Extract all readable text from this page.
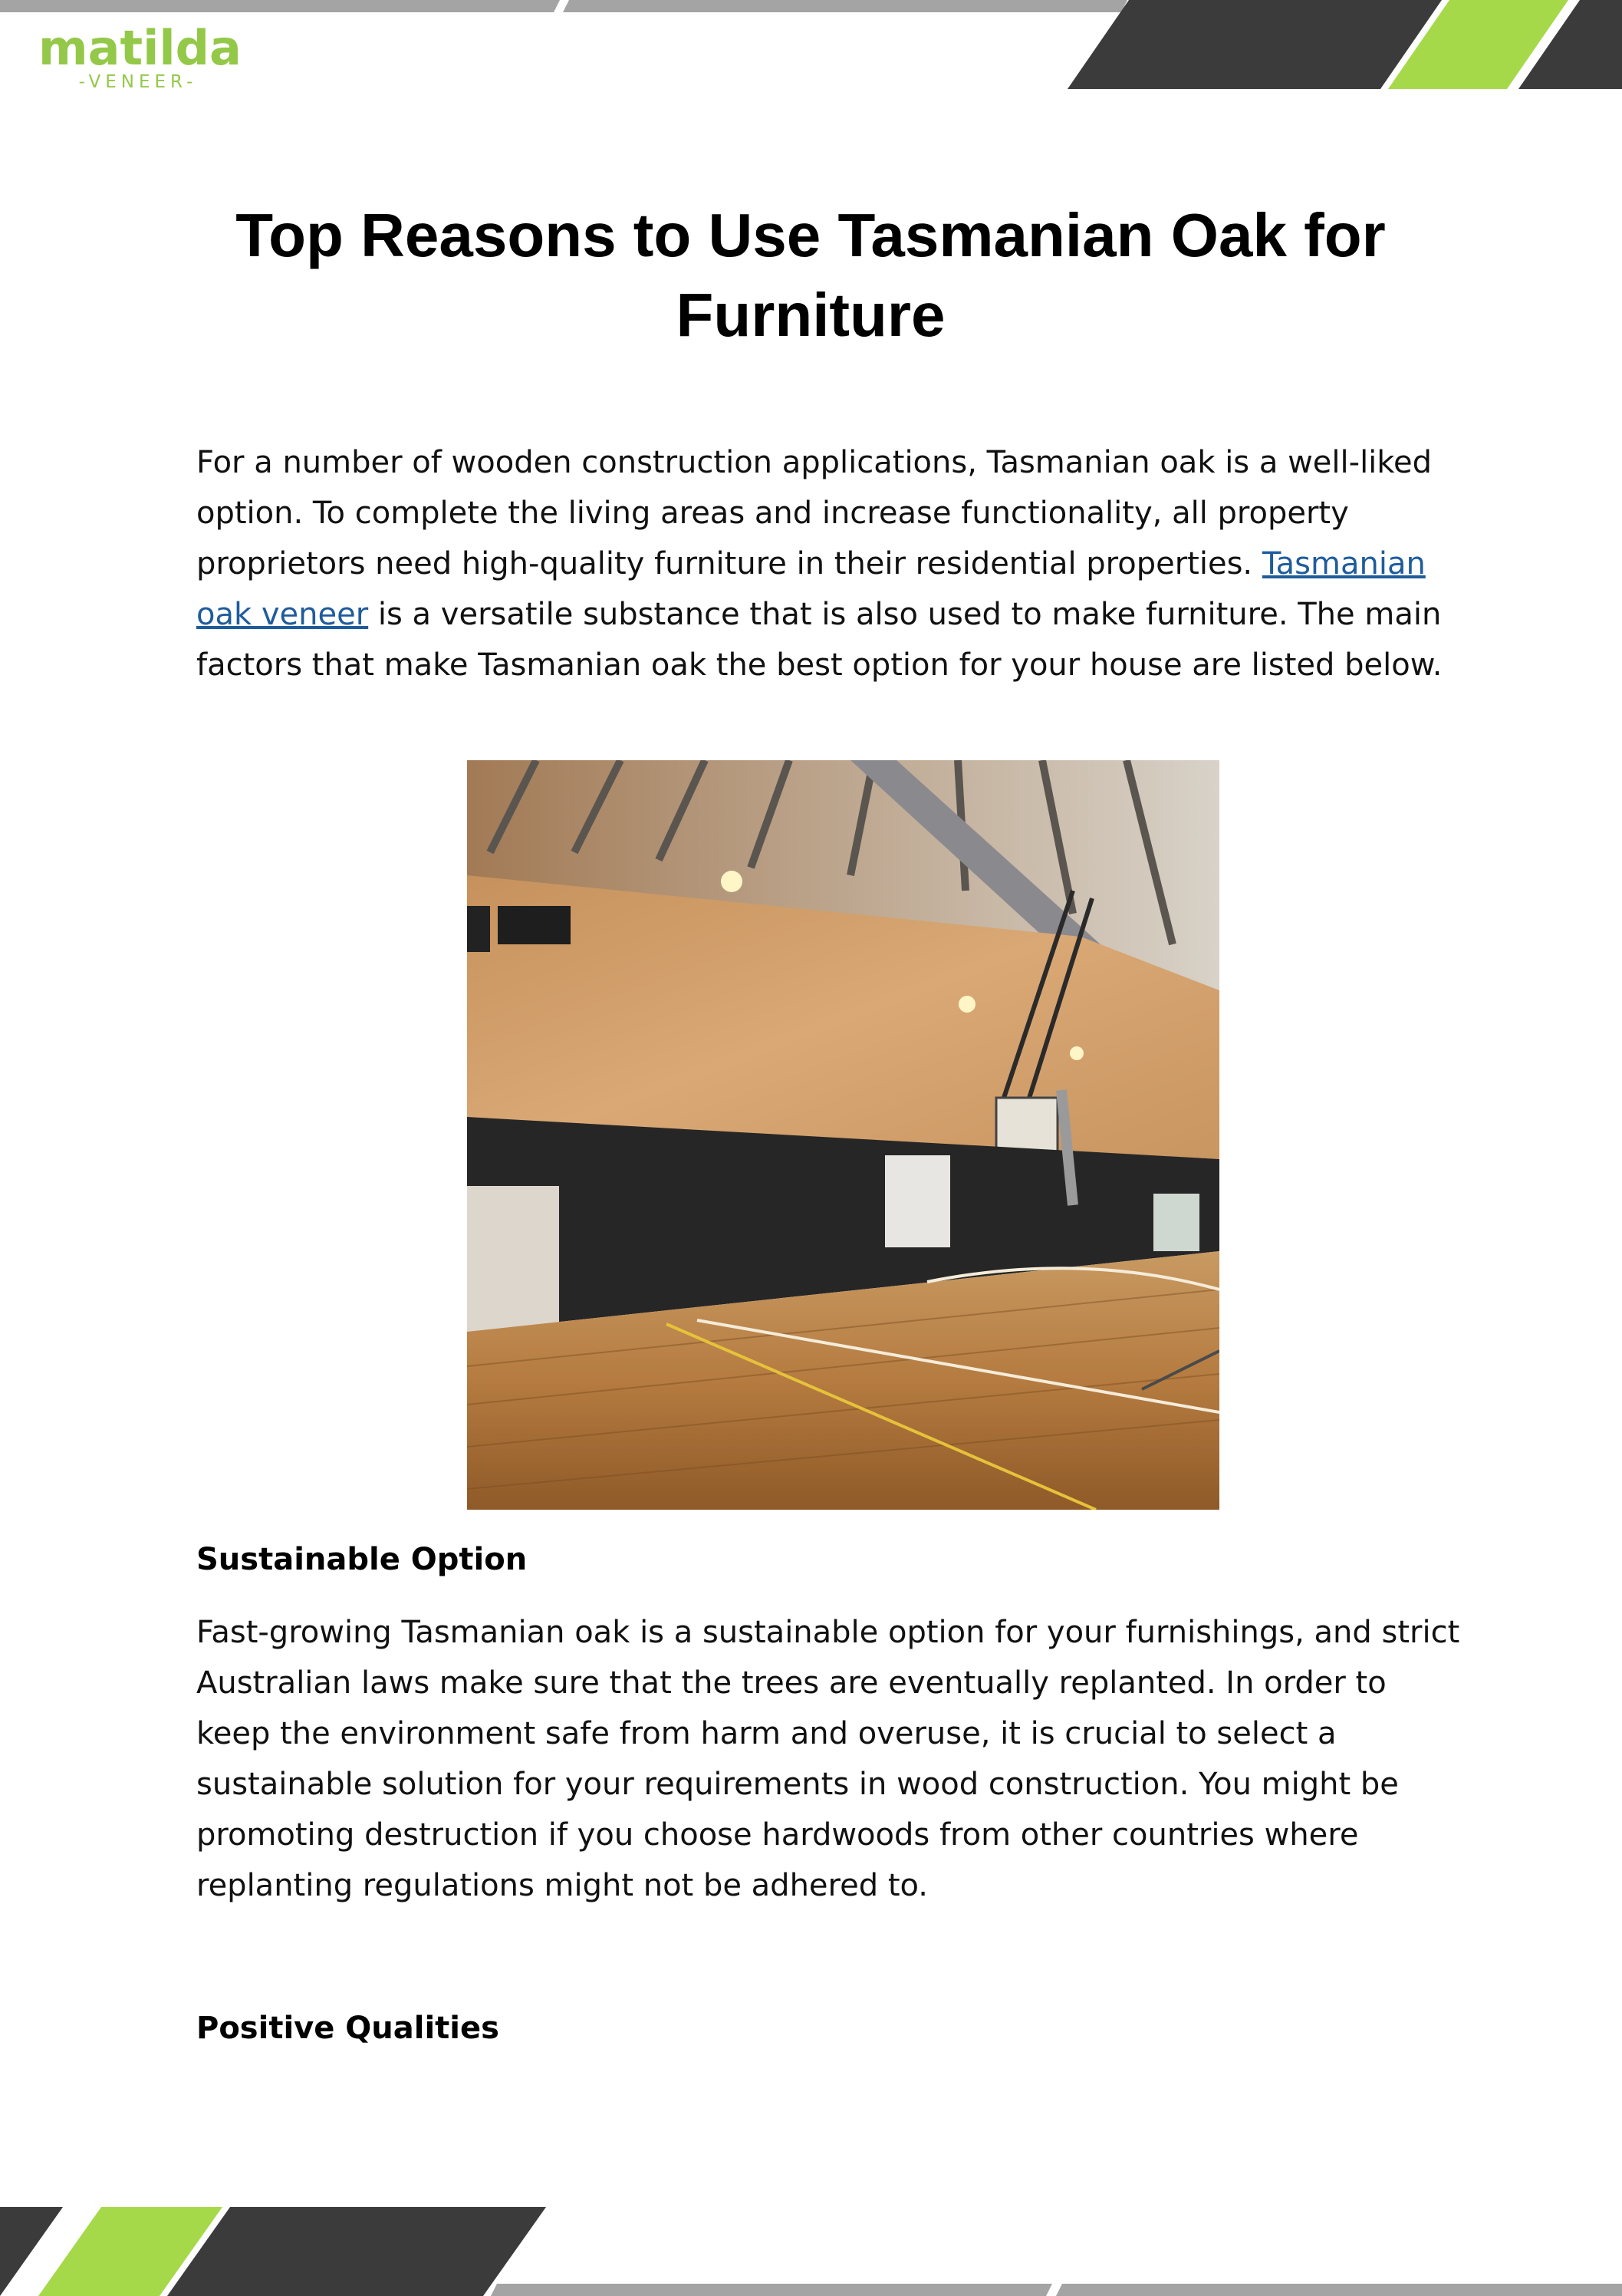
matilda
-VENEER-
Top Reasons to Use Tasmanian Oak for Furniture

For a number of wooden construction applications, Tasmanian oak is a well-liked option. To complete the living areas and increase functionality, all property proprietors need high-quality furniture in their residential properties. Tasmanian oak veneer is a versatile substance that is also used to make furniture. The main factors that make Tasmanian oak the best option for your house are listed below.

Sustainable Option

Fast-growing Tasmanian oak is a sustainable option for your furnishings, and strict Australian laws make sure that the trees are eventually replanted. In order to keep the environment safe from harm and overuse, it is crucial to select a sustainable solution for your requirements in wood construction. You might be promoting destruction if you choose hardwoods from other countries where replanting regulations might not be adhered to.

Positive Qualities
